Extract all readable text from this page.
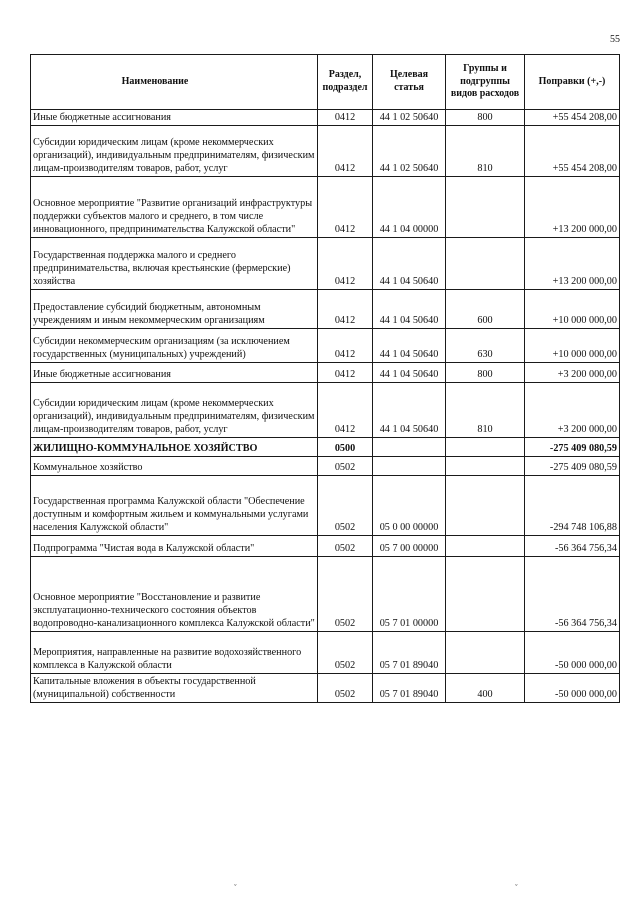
55
Наименование	Раздел, подраздел	Целевая статья	Группы и подгруппы видов расходов	Поправки (+,-)
Иные бюджетные ассигнования	0412	44 1 02 50640	800	+55 454 208,00
Субсидии юридическим лицам (кроме некоммерческих организаций), индивидуальным предпринимателям, физическим лицам-производителям товаров, работ, услуг	0412	44 1 02 50640	810	+55 454 208,00
Основное мероприятие "Развитие организаций инфраструктуры поддержки субъектов малого и среднего, в том числе инновационного, предпринимательства Калужской области"	0412	44 1 04 00000		+13 200 000,00
Государственная поддержка малого и среднего предпринимательства, включая крестьянские (фермерские) хозяйства	0412	44 1 04 50640		+13 200 000,00
Предоставление субсидий бюджетным, автономным учреждениям и иным некоммерческим организациям	0412	44 1 04 50640	600	+10 000 000,00
Субсидии некоммерческим организациям (за исключением государственных (муниципальных) учреждений)	0412	44 1 04 50640	630	+10 000 000,00
Иные бюджетные ассигнования	0412	44 1 04 50640	800	+3 200 000,00
Субсидии юридическим лицам (кроме некоммерческих организаций), индивидуальным предпринимателям, физическим лицам-производителям товаров, работ, услуг	0412	44 1 04 50640	810	+3 200 000,00
ЖИЛИЩНО-КОММУНАЛЬНОЕ ХОЗЯЙСТВО	0500			-275 409 080,59
Коммунальное хозяйство	0502			-275 409 080,59
Государственная программа Калужской области "Обеспечение доступным и комфортным жильем и коммунальными услугами населения Калужской области"	0502	05 0 00 00000		-294 748 106,88
Подпрограмма "Чистая вода в Калужской области"	0502	05 7 00 00000		-56 364 756,34
Основное мероприятие "Восстановление и развитие эксплуатационно-технического состояния объектов водопроводно-канализационного комплекса Калужской области"	0502	05 7 01 00000		-56 364 756,34
Мероприятия, направленные на развитие водохозяйственного комплекса в Калужской области	0502	05 7 01 89040		-50 000 000,00
Капитальные вложения в объекты государственной (муниципальной) собственности	0502	05 7 01 89040	400	-50 000 000,00
ˇ	ˇ
